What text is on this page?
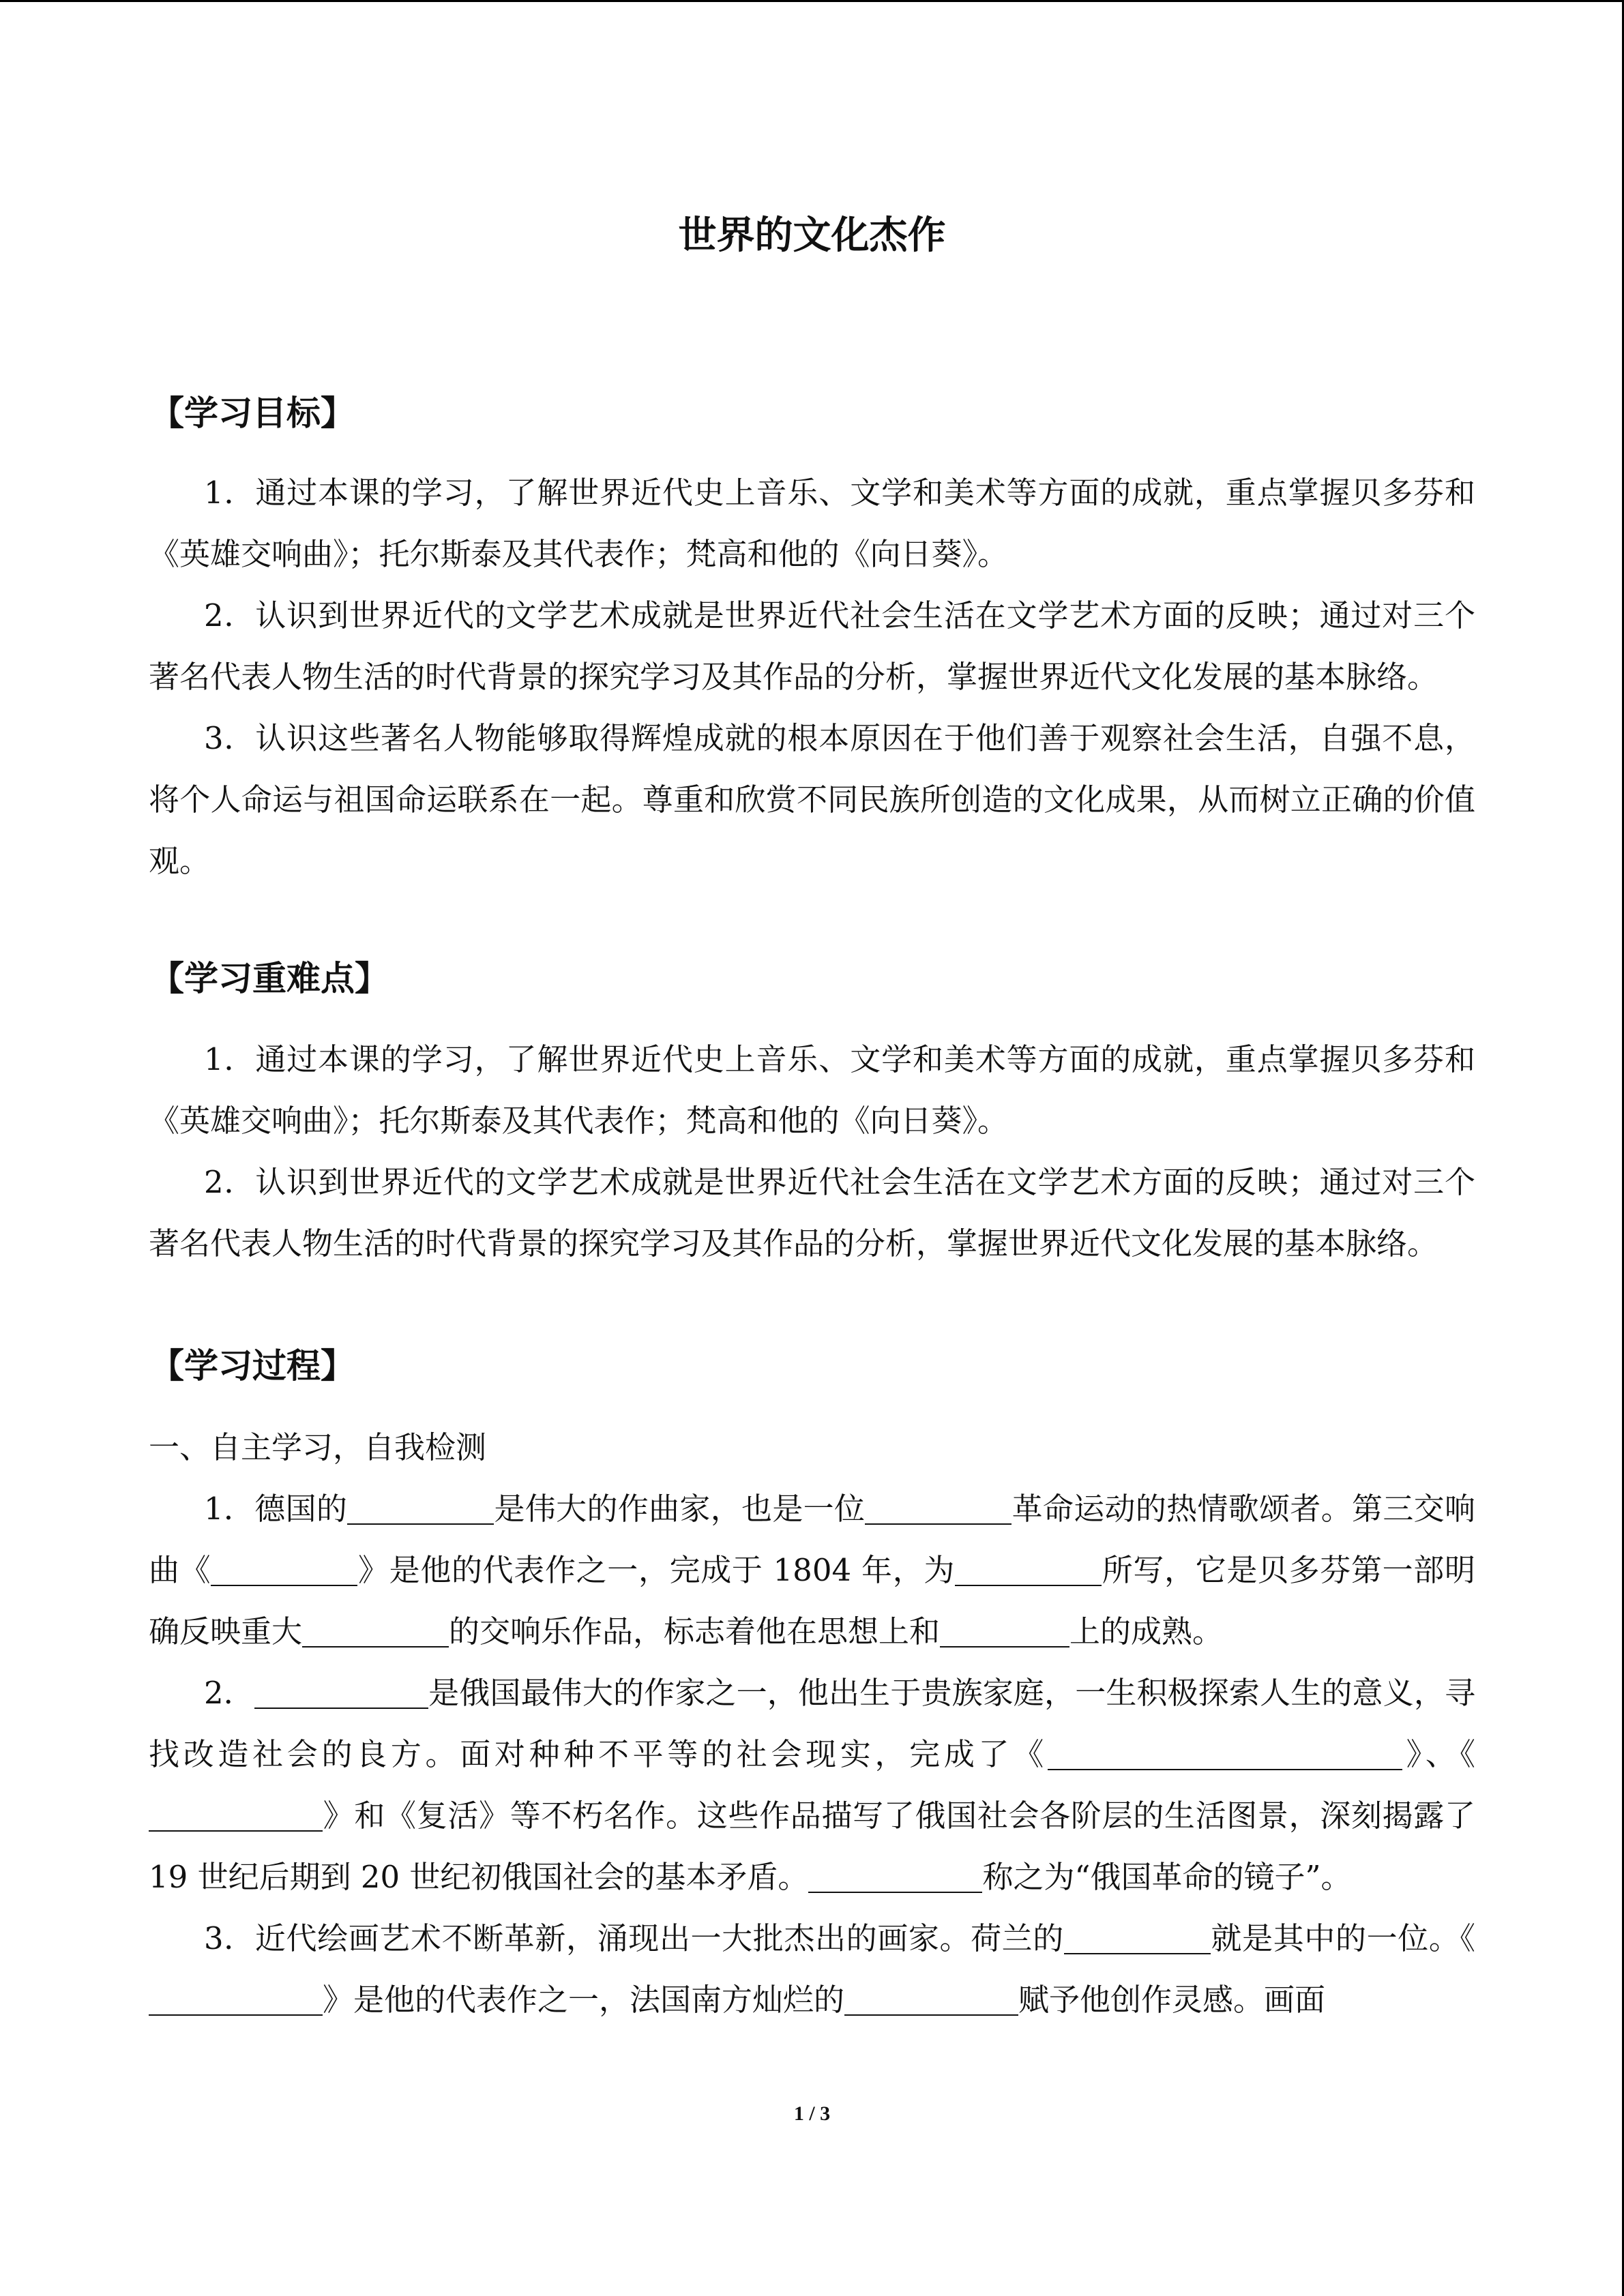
世界的文化杰作
【学习目标】

1．通过本课的学习，了解世界近代史上音乐、文学和美术等方面的成就，重点掌握贝多芬和《英雄交响曲》；托尔斯泰及其代表作；梵高和他的《向日葵》。

2．认识到世界近代的文学艺术成就是世界近代社会生活在文学艺术方面的反映；通过对三个著名代表人物生活的时代背景的探究学习及其作品的分析，掌握世界近代文化发展的基本脉络。

3．认识这些著名人物能够取得辉煌成就的根本原因在于他们善于观察社会生活，自强不息，将个人命运与祖国命运联系在一起。尊重和欣赏不同民族所创造的文化成果，从而树立正确的价值观。

【学习重难点】

1．通过本课的学习，了解世界近代史上音乐、文学和美术等方面的成就，重点掌握贝多芬和《英雄交响曲》；托尔斯泰及其代表作；梵高和他的《向日葵》。

2．认识到世界近代的文学艺术成就是世界近代社会生活在文学艺术方面的反映；通过对三个著名代表人物生活的时代背景的探究学习及其作品的分析，掌握世界近代文化发展的基本脉络。

【学习过程】

一、自主学习，自我检测

1．德国的	是伟大的作曲家，也是一位	革命运动的热情歌颂者。第三交响曲《	》是他的代表作之一，完成于 1804 年，为	所写，它是贝多芬第一部明确反映重大	的交响乐作品，标志着他在思想上和	上的成熟。

2．	是俄国最伟大的作家之一，他出生于贵族家庭，一生积极探索人生的意义，寻找改造社会的良方。面对种种不平等的社会现实，完成了《	》、《》和《复活》等不朽名作。这些作品描写了俄国社会各阶层的生活图景，深刻揭露了 19 世纪后期到 20 世纪初俄国社会的基本矛盾。	称之为“俄国革命的镜子”。

3．近代绘画艺术不断革新，涌现出一大批杰出的画家。荷兰的	就是其中的一位。《》是他的代表作之一，法国南方灿烂的	赋予他创作灵感。画面

1 / 3
